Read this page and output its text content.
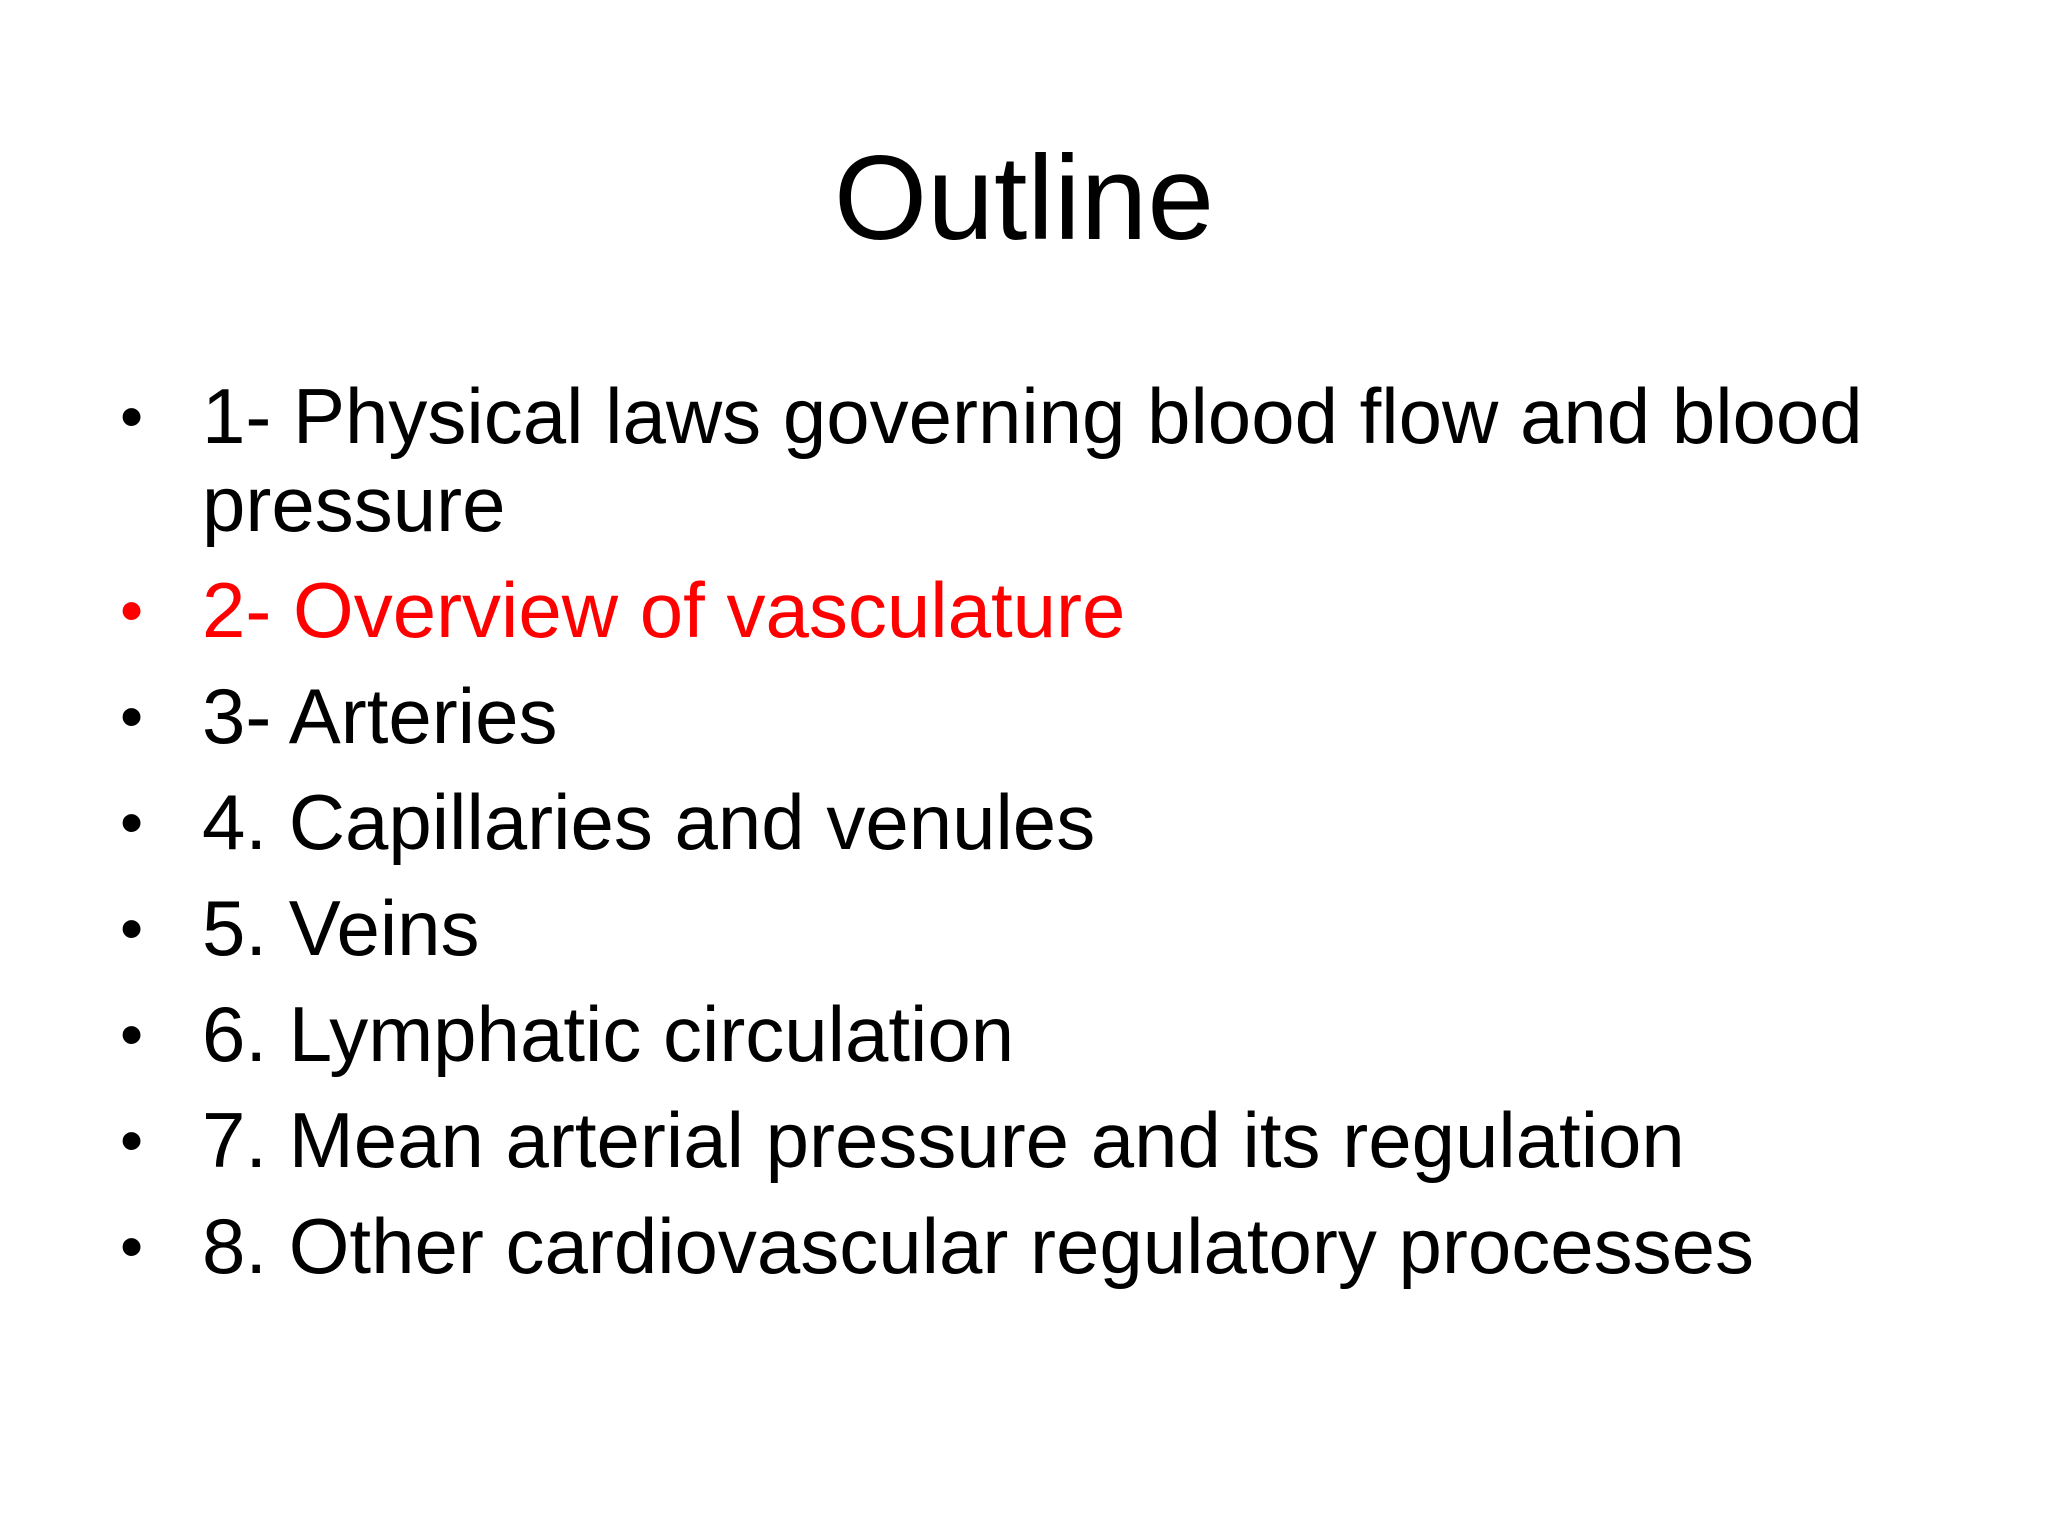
Outline
• 1- Physical laws governing blood flow and blood pressure
• 2- Overview of vasculature
• 3- Arteries
• 4. Capillaries and venules
• 5. Veins
• 6. Lymphatic circulation
• 7. Mean arterial pressure and its regulation
• 8. Other cardiovascular regulatory processes
